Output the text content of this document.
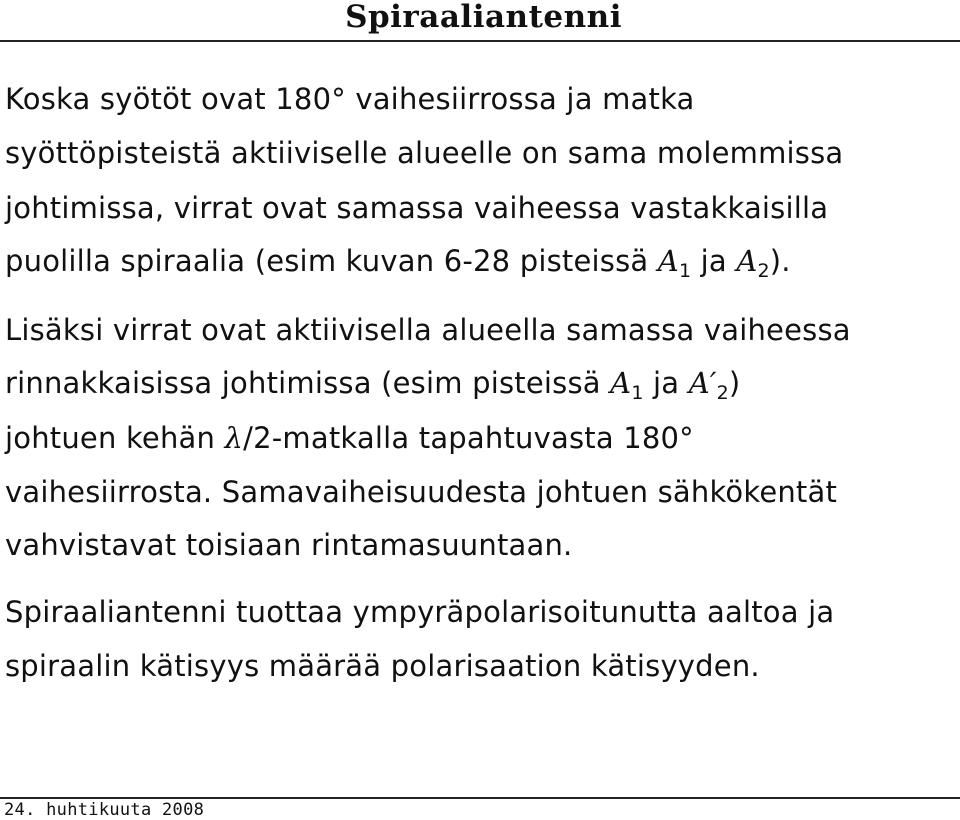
Spiraaliantenni
Koska syötöt ovat 180° vaihesiirrossa ja matka
syöttöpisteistä aktiiviselle alueelle on sama molemmissa
johtimissa, virrat ovat samassa vaiheessa vastakkaisilla
puolilla spiraalia (esim kuvan 6-28 pisteissä $A_1$ ja $A_2$).
Lisäksi virrat ovat aktiivisella alueella samassa vaiheessa
rinnakkaisissa johtimissa (esim pisteissä $A_1$ ja $A'_2$)
johtuen kehän λ/2-matkalla tapahtuvasta 180°
vaihesiirrosta. Samavaiheisuudesta johtuen sähkökentät
vahvistavat toisiaan rintamasuuntaan.
Spiraaliantenni tuottaa ympyräpolarisoitunutta aaltoa ja
spiraalin kätisyys määrää polarisaation kätisyyden.
24. huhtikuuta 2008
